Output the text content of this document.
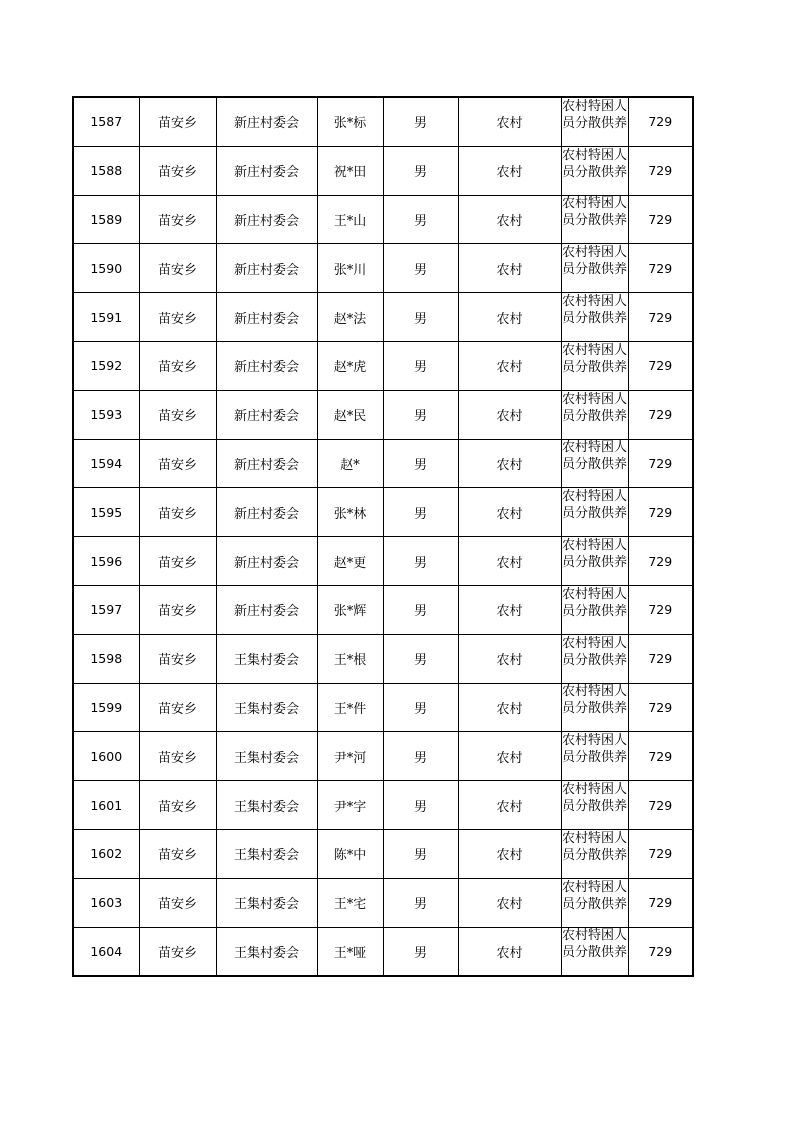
1587	苗安乡	新庄村委会	张*标	男	农村	农村特困人员分散供养	729
1588	苗安乡	新庄村委会	祝*田	男	农村	农村特困人员分散供养	729
1589	苗安乡	新庄村委会	王*山	男	农村	农村特困人员分散供养	729
1590	苗安乡	新庄村委会	张*川	男	农村	农村特困人员分散供养	729
1591	苗安乡	新庄村委会	赵*法	男	农村	农村特困人员分散供养	729
1592	苗安乡	新庄村委会	赵*虎	男	农村	农村特困人员分散供养	729
1593	苗安乡	新庄村委会	赵*民	男	农村	农村特困人员分散供养	729
1594	苗安乡	新庄村委会	赵*	男	农村	农村特困人员分散供养	729
1595	苗安乡	新庄村委会	张*林	男	农村	农村特困人员分散供养	729
1596	苗安乡	新庄村委会	赵*更	男	农村	农村特困人员分散供养	729
1597	苗安乡	新庄村委会	张*辉	男	农村	农村特困人员分散供养	729
1598	苗安乡	王集村委会	王*根	男	农村	农村特困人员分散供养	729
1599	苗安乡	王集村委会	王*件	男	农村	农村特困人员分散供养	729
1600	苗安乡	王集村委会	尹*河	男	农村	农村特困人员分散供养	729
1601	苗安乡	王集村委会	尹*字	男	农村	农村特困人员分散供养	729
1602	苗安乡	王集村委会	陈*中	男	农村	农村特困人员分散供养	729
1603	苗安乡	王集村委会	王*宅	男	农村	农村特困人员分散供养	729
1604	苗安乡	王集村委会	王*哑	男	农村	农村特困人员分散供养	729
